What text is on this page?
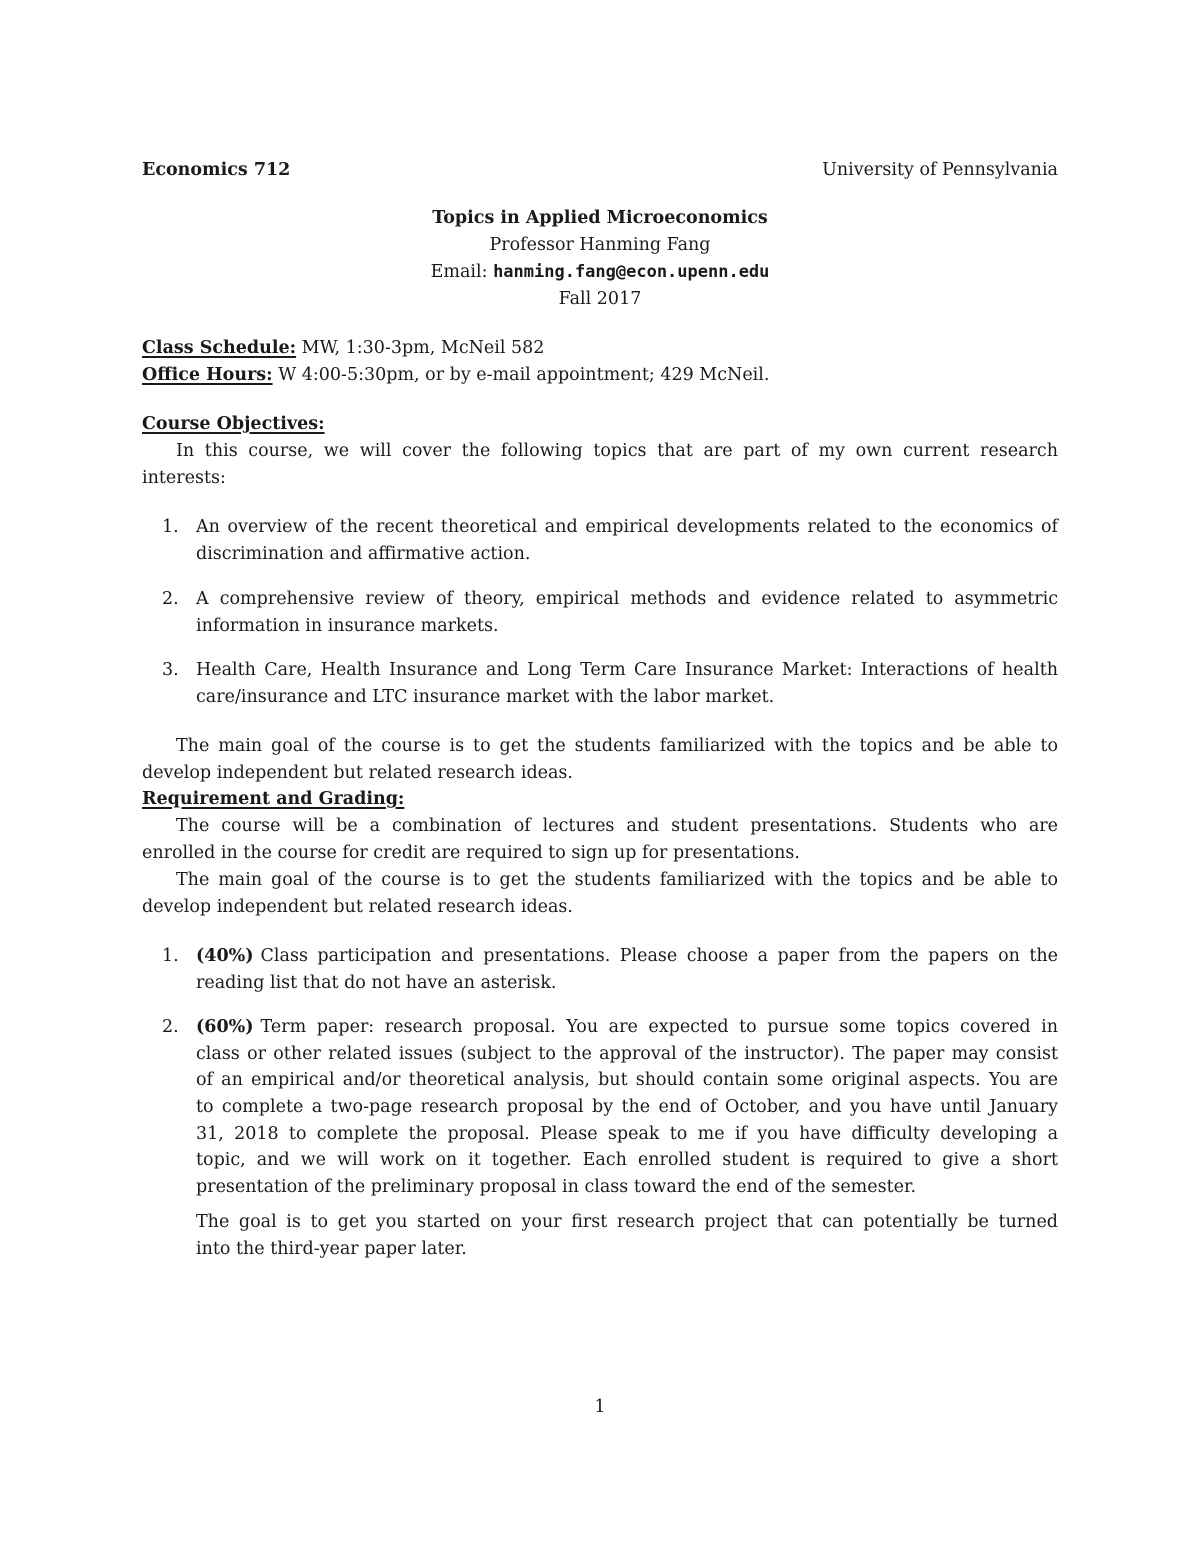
Economics 712	University of Pennsylvania
Topics in Applied Microeconomics
Professor Hanming Fang
Email: hanming.fang@econ.upenn.edu
Fall 2017
Class Schedule: MW, 1:30-3pm, McNeil 582
Office Hours: W 4:00-5:30pm, or by e-mail appointment; 429 McNeil.
Course Objectives:
In this course, we will cover the following topics that are part of my own current research
interests:
1. An overview of the recent theoretical and empirical developments related to the economics of
discrimination and affirmative action.
2. A comprehensive review of theory, empirical methods and evidence related to asymmetric
information in insurance markets.
3. Health Care, Health Insurance and Long Term Care Insurance Market: Interactions of health
care/insurance and LTC insurance market with the labor market.
The main goal of the course is to get the students familiarized with the topics and be able to
develop independent but related research ideas.
Requirement and Grading:
The course will be a combination of lectures and student presentations. Students who are
enrolled in the course for credit are required to sign up for presentations.
The main goal of the course is to get the students familiarized with the topics and be able to
develop independent but related research ideas.
1. (40%) Class participation and presentations. Please choose a paper from the papers on the
reading list that do not have an asterisk.
2. (60%) Term paper: research proposal. You are expected to pursue some topics covered in
class or other related issues (subject to the approval of the instructor). The paper may consist
of an empirical and/or theoretical analysis, but should contain some original aspects. You are
to complete a two-page research proposal by the end of October, and you have until January
31, 2018 to complete the proposal. Please speak to me if you have difficulty developing a
topic, and we will work on it together. Each enrolled student is required to give a short
presentation of the preliminary proposal in class toward the end of the semester.
The goal is to get you started on your first research project that can potentially be turned
into the third-year paper later.
1
